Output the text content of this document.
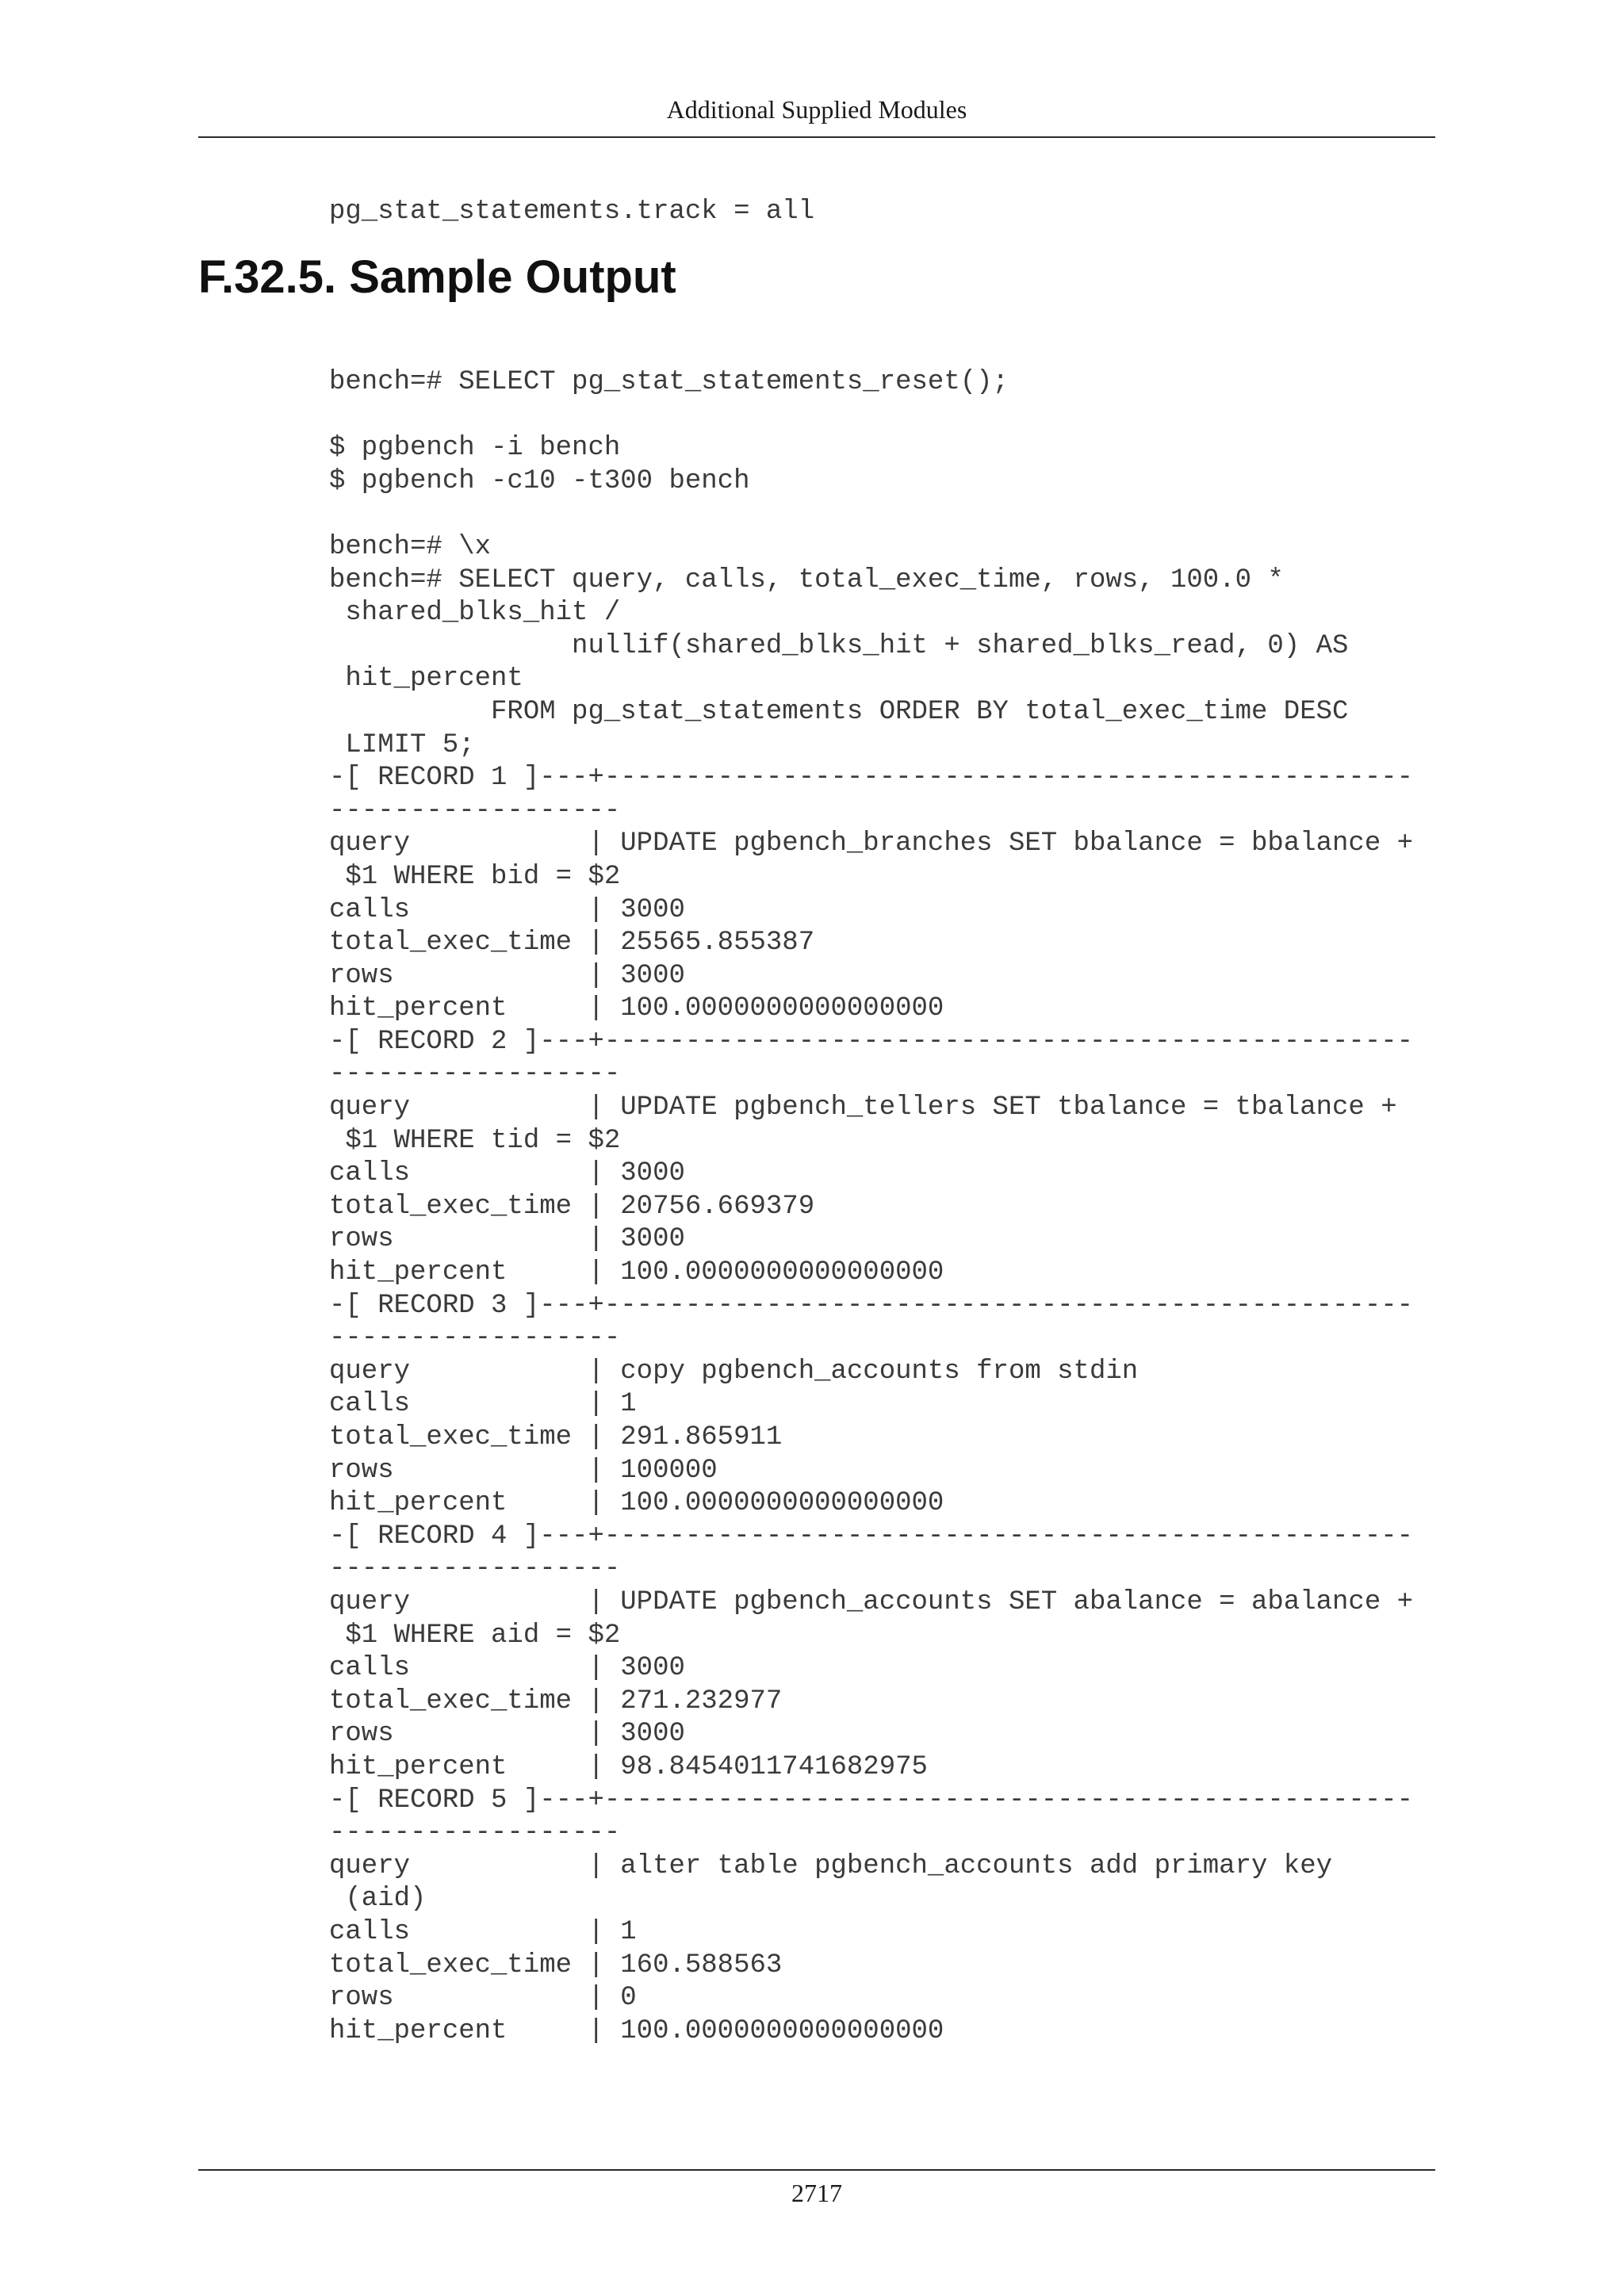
Additional Supplied Modules
pg_stat_statements.track = all
F.32.5. Sample Output
bench=# SELECT pg_stat_statements_reset();

$ pgbench -i bench
$ pgbench -c10 -t300 bench

bench=# \x
bench=# SELECT query, calls, total_exec_time, rows, 100.0 *
shared_blks_hit /
nullif(shared_blks_hit + shared_blks_read, 0) AS
hit_percent
FROM pg_stat_statements ORDER BY total_exec_time DESC
LIMIT 5;
-[ RECORD 1 ]---+--------------------------------------------------
------------------
query           | UPDATE pgbench_branches SET bbalance = bbalance +
$1 WHERE bid = $2
calls           | 3000
total_exec_time | 25565.855387
rows            | 3000
hit_percent     | 100.0000000000000000
-[ RECORD 2 ]---+--------------------------------------------------
------------------
query           | UPDATE pgbench_tellers SET tbalance = tbalance +
$1 WHERE tid = $2
calls           | 3000
total_exec_time | 20756.669379
rows            | 3000
hit_percent     | 100.0000000000000000
-[ RECORD 3 ]---+--------------------------------------------------
------------------
query           | copy pgbench_accounts from stdin
calls           | 1
total_exec_time | 291.865911
rows            | 100000
hit_percent     | 100.0000000000000000
-[ RECORD 4 ]---+--------------------------------------------------
------------------
query           | UPDATE pgbench_accounts SET abalance = abalance +
$1 WHERE aid = $2
calls           | 3000
total_exec_time | 271.232977
rows            | 3000
hit_percent     | 98.8454011741682975
-[ RECORD 5 ]---+--------------------------------------------------
------------------
query           | alter table pgbench_accounts add primary key
(aid)
calls           | 1
total_exec_time | 160.588563
rows            | 0
hit_percent     | 100.0000000000000000
2717
